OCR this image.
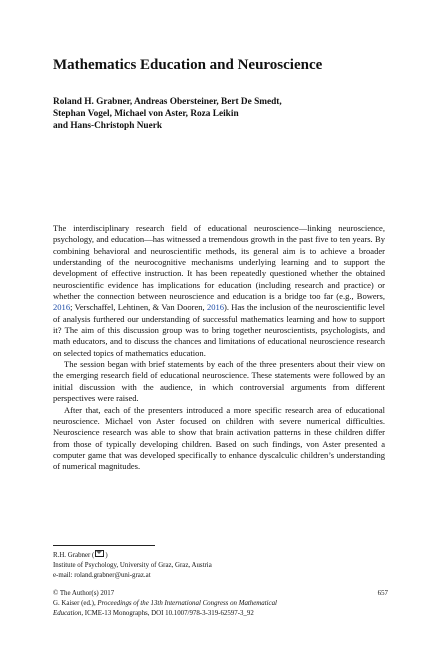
Mathematics Education and Neuroscience
Roland H. Grabner, Andreas Obersteiner, Bert De Smedt,
Stephan Vogel, Michael von Aster, Roza Leikin
and Hans-Christoph Nuerk

The interdisciplinary research field of educational neuroscience—linking neuroscience, psychology, and education—has witnessed a tremendous growth in the past five to ten years. By combining behavioral and neuroscientific methods, its general aim is to achieve a broader understanding of the neurocognitive mechanisms underlying learning and to support the development of effective instruction. It has been repeatedly questioned whether the obtained neuroscientific evidence has implications for education (including research and practice) or whether the connection between neuroscience and education is a bridge too far (e.g., Bowers, 2016; Verschaffel, Lehtinen, & Van Dooren, 2016). Has the inclusion of the neuroscientific level of analysis furthered our understanding of successful mathematics learning and how to support it? The aim of this discussion group was to bring together neuroscientists, psychologists, and math educators, and to discuss the chances and limitations of educational neuroscience research on selected topics of mathematics education.

The session began with brief statements by each of the three presenters about their view on the emerging research field of educational neuroscience. These statements were followed by an initial discussion with the audience, in which controversial arguments from different perspectives were raised.

After that, each of the presenters introduced a more specific research area of educational neuroscience. Michael von Aster focused on children with severe numerical difficulties. Neuroscience research was able to show that brain activation patterns in these children differ from those of typically developing children. Based on such findings, von Aster presented a computer game that was developed specifically to enhance dyscalculic children’s understanding of numerical magnitudes.

R.H. Grabner ( )
Institute of Psychology, University of Graz, Graz, Austria
e-mail: roland.grabner@uni-graz.at
© The Author(s) 2017
G. Kaiser (ed.), Proceedings of the 13th International Congress on Mathematical
Education, ICME-13 Monographs, DOI 10.1007/978-3-319-62597-3_92
657
